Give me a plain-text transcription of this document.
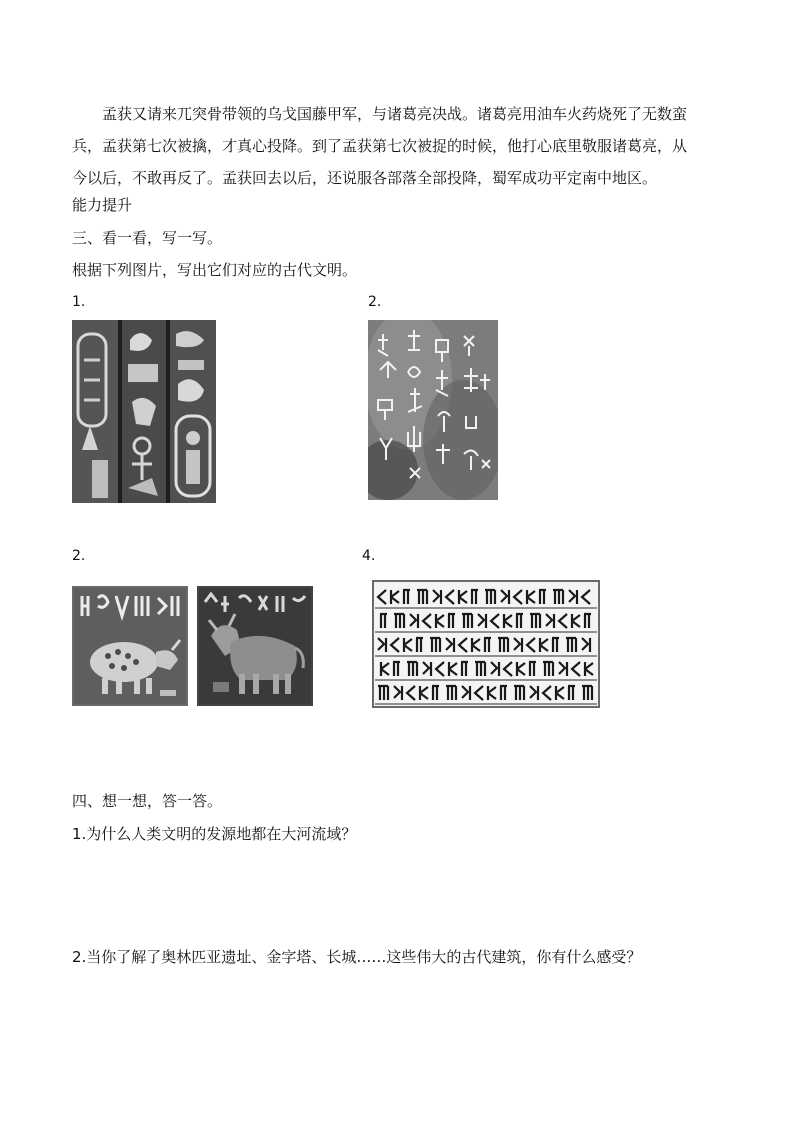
孟获又请来兀突骨带领的乌戈国藤甲军，与诸葛亮决战。诸葛亮用油车火药烧死了无数蛮
兵，孟获第七次被擒，才真心投降。到了孟获第七次被捉的时候，他打心底里敬服诸葛亮，从
今以后，不敢再反了。孟获回去以后，还说服各部落全部投降，蜀军成功平定南中地区。
能力提升
三、看一看，写一写。
根据下列图片，写出它们对应的古代文明。
1.	2.
2.	4.
四、想一想，答一答。
1.为什么人类文明的发源地都在大河流域？
2.当你了解了奥林匹亚遗址、金字塔、长城……这些伟大的古代建筑，你有什么感受？
